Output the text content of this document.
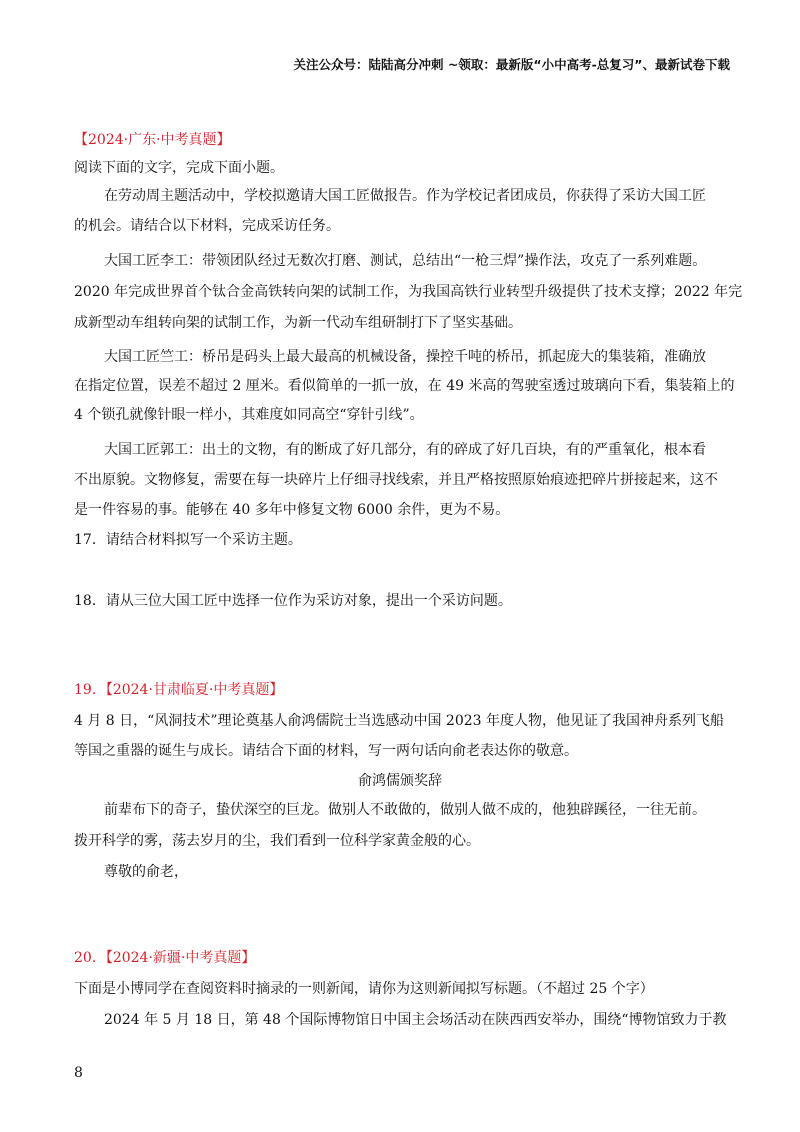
关注公众号：陆陆高分冲刺 ~领取：最新版“小中高考-总复习”、最新试卷下载
【2024·广东·中考真题】
阅读下面的文字，完成下面小题。
在劳动周主题活动中，学校拟邀请大国工匠做报告。作为学校记者团成员，你获得了采访大国工匠
的机会。请结合以下材料，完成采访任务。
大国工匠李工：带领团队经过无数次打磨、测试，总结出“一枪三焊”操作法，攻克了一系列难题。
2020 年完成世界首个钛合金高铁转向架的试制工作，为我国高铁行业转型升级提供了技术支撑；2022 年完
成新型动车组转向架的试制工作，为新一代动车组研制打下了坚实基础。
大国工匠竺工：桥吊是码头上最大最高的机械设备，操控千吨的桥吊，抓起庞大的集装箱，准确放
在指定位置，误差不超过 2 厘米。看似简单的一抓一放，在 49 米高的驾驶室透过玻璃向下看，集装箱上的
4 个锁孔就像针眼一样小，其难度如同高空“穿针引线”。
大国工匠郭工：出土的文物，有的断成了好几部分，有的碎成了好几百块，有的严重氧化，根本看
不出原貌。文物修复，需要在每一块碎片上仔细寻找线索，并且严格按照原始痕迹把碎片拼接起来，这不
是一件容易的事。能够在 40 多年中修复文物 6000 余件，更为不易。
17．请结合材料拟写一个采访主题。
18．请从三位大国工匠中选择一位作为采访对象，提出一个采访问题。
19．【2024·甘肃临夏·中考真题】
4 月 8 日，“风洞技术”理论奠基人俞鸿儒院士当选感动中国 2023 年度人物，他见证了我国神舟系列飞船
等国之重器的诞生与成长。请结合下面的材料，写一两句话向俞老表达你的敬意。
俞鸿儒颁奖辞
前辈布下的奇子，蛰伏深空的巨龙。做别人不敢做的，做别人做不成的，他独辟蹊径，一往无前。
拨开科学的雾，荡去岁月的尘，我们看到一位科学家黄金般的心。
尊敬的俞老，
20．【2024·新疆·中考真题】
下面是小博同学在查阅资料时摘录的一则新闻，请你为这则新闻拟写标题。（不超过 25 个字）
2024 年 5 月 18 日，第 48 个国际博物馆日中国主会场活动在陕西西安举办，围绕“博物馆致力于教
8
